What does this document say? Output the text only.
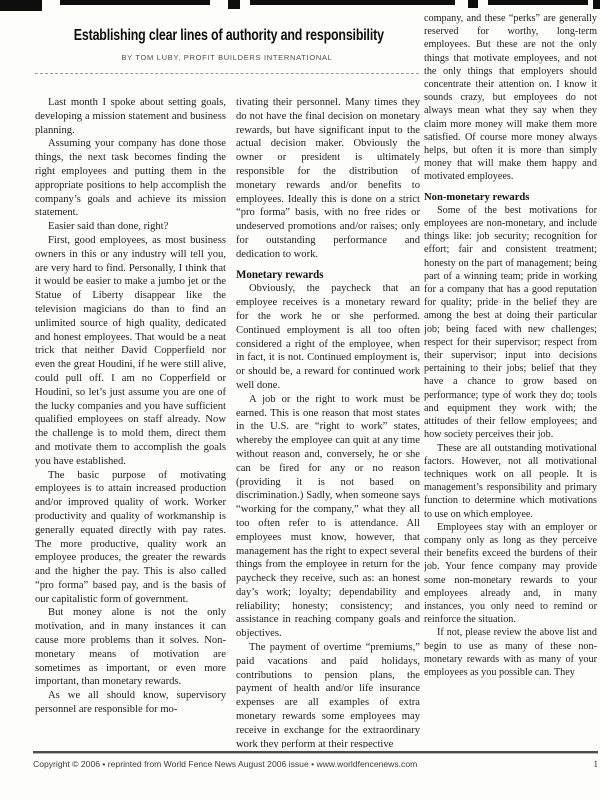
Establishing clear lines of authority and responsibility
BY TOM LUBY, PROFIT BUILDERS INTERNATIONAL

Last month I spoke about setting goals, developing a mission statement and business planning.

Assuming your company has done those things, the next task becomes finding the right employees and putting them in the appropriate positions to help accomplish the company’s goals and achieve its mission statement.

Easier said than done, right?

First, good employees, as most business owners in this or any industry will tell you, are very hard to find. Personally, I think that it would be easier to make a jumbo jet or the Statue of Liberty disappear like the television magicians do than to find an unlimited source of high quality, dedicated and honest employees. That would be a neat trick that neither David Copperfield nor even the great Houdini, if he were still alive, could pull off. I am no Copperfield or Houdini, so let’s just assume you are one of the lucky companies and you have sufficient qualified employees on staff already. Now the challenge is to mold them, direct them and motivate them to accomplish the goals you have established.

The basic purpose of motivating employees is to attain increased production and/or improved quality of work. Worker productivity and quality of workmanship is generally equated directly with pay rates. The more productive, quality work an employee produces, the greater the rewards and the higher the pay. This is also called “pro forma” based pay, and is the basis of our capitalistic form of government.

But money alone is not the only motivation, and in many instances it can cause more problems than it solves. Non-monetary means of motivation are sometimes as important, or even more important, than monetary rewards.

As we all should know, supervisory personnel are responsible for mo-

tivating their personnel. Many times they do not have the final decision on monetary rewards, but have significant input to the actual decision maker. Obviously the owner or president is ultimately responsible for the distribution of monetary rewards and/or benefits to employees. Ideally this is done on a strict “pro forma” basis, with no free rides or undeserved promotions and/or raises; only for outstanding performance and dedication to work.

Monetary rewards

Obviously, the paycheck that an employee receives is a monetary reward for the work he or she performed. Continued employment is all too often considered a right of the employee, when in fact, it is not. Continued employment is, or should be, a reward for continued work well done.

A job or the right to work must be earned. This is one reason that most states in the U.S. are “right to work” states, whereby the employee can quit at any time without reason and, conversely, he or she can be fired for any or no reason (providing it is not based on discrimination.) Sadly, when someone says “working for the company,” what they all too often refer to is attendance. All employees must know, however, that management has the right to expect several things from the employee in return for the paycheck they receive, such as: an honest day’s work; loyalty; dependability and reliability; honesty; consistency; and assistance in reaching company goals and objectives.

The payment of overtime “premiums,” paid vacations and paid holidays, contributions to pension plans, the payment of health and/or life insurance expenses are all examples of extra monetary rewards some employees may receive in exchange for the extraordinary work they perform at their respective

company, and these “perks” are generally reserved for worthy, long-term employees. But these are not the only things that motivate employees, and not the only things that employers should concentrate their attention on. I know it sounds crazy, but employees do not always mean what they say when they claim more money will make them more satisfied. Of course more money always helps, but often it is more than simply money that will make them happy and motivated employees.

Non-monetary rewards

Some of the best motivations for employees are non-monetary, and include things like: job security; recognition for effort; fair and consistent treatment; honesty on the part of management; being part of a winning team; pride in working for a company that has a good reputation for quality; pride in the belief they are among the best at doing their particular job; being faced with new challenges; respect for their supervisor; respect from their supervisor; input into decisions pertaining to their jobs; belief that they have a chance to grow based on performance; type of work they do; tools and equipment they work with; the attitudes of their fellow employees; and how society perceives their job.

These are all outstanding motivational factors. However, not all motivational techniques work on all people. It is management’s responsibility and primary function to determine which motivations to use on which employee.

Employees stay with an employer or company only as long as they perceive their benefits exceed the burdens of their job. Your fence company may provide some non-monetary rewards to your employees already and, in many instances, you only need to remind or reinforce the situation.

If not, please review the above list and begin to use as many of these non-monetary rewards with as many of your employees as you possible can. They

Copyright © 2006 • reprinted from World Fence News August 2006 issue • www.worldfencenews.com	1
